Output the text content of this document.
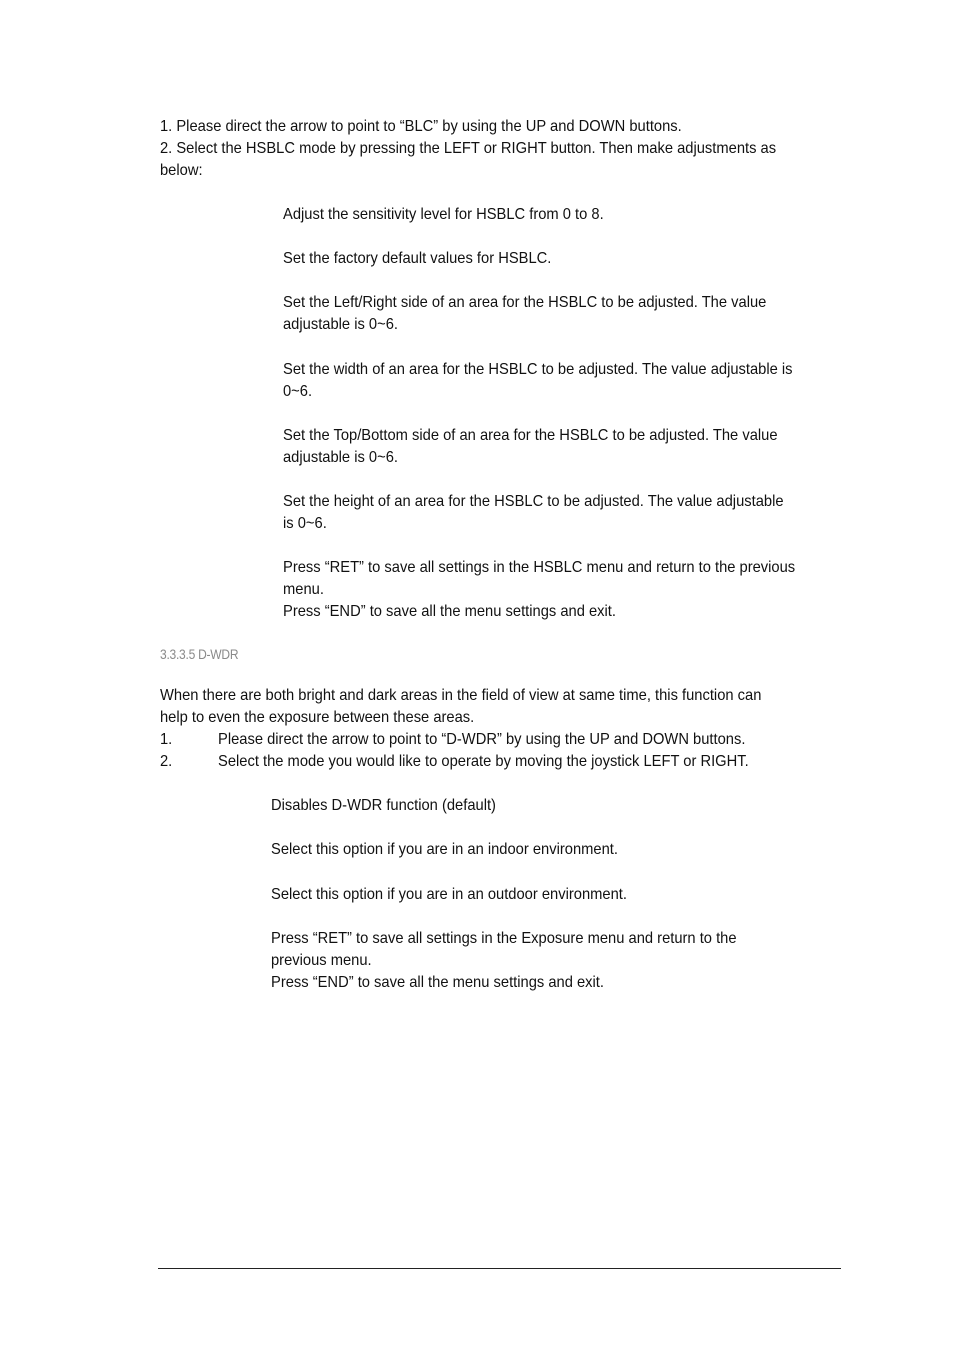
1. Please direct the arrow to point to “BLC” by using the UP and DOWN buttons.
2. Select the HSBLC mode by pressing the LEFT or RIGHT button. Then make adjustments as
below:
Adjust the sensitivity level for HSBLC from 0 to 8.
Set the factory default values for HSBLC.
Set the Left/Right side of an area for the HSBLC to be adjusted. The value
adjustable is 0~6.
Set the width of an area for the HSBLC to be adjusted. The value adjustable is
0~6.
Set the Top/Bottom side of an area for the HSBLC to be adjusted. The value
adjustable is 0~6.
Set the height of an area for the HSBLC to be adjusted. The value adjustable
is 0~6.
Press “RET” to save all settings in the HSBLC menu and return to the previous
menu.
Press “END” to save all the menu settings and exit.
3.3.3.5 D-WDR
When there are both bright and dark areas in the field of view at same time, this function can
help to even the exposure between these areas.
1.	Please direct the arrow to point to “D-WDR” by using the UP and DOWN buttons.
2.	Select the mode you would like to operate by moving the joystick LEFT or RIGHT.
Disables D-WDR function (default)
Select this option if you are in an indoor environment.
Select this option if you are in an outdoor environment.
Press “RET” to save all settings in the Exposure menu and return to the
previous menu.
Press “END” to save all the menu settings and exit.
